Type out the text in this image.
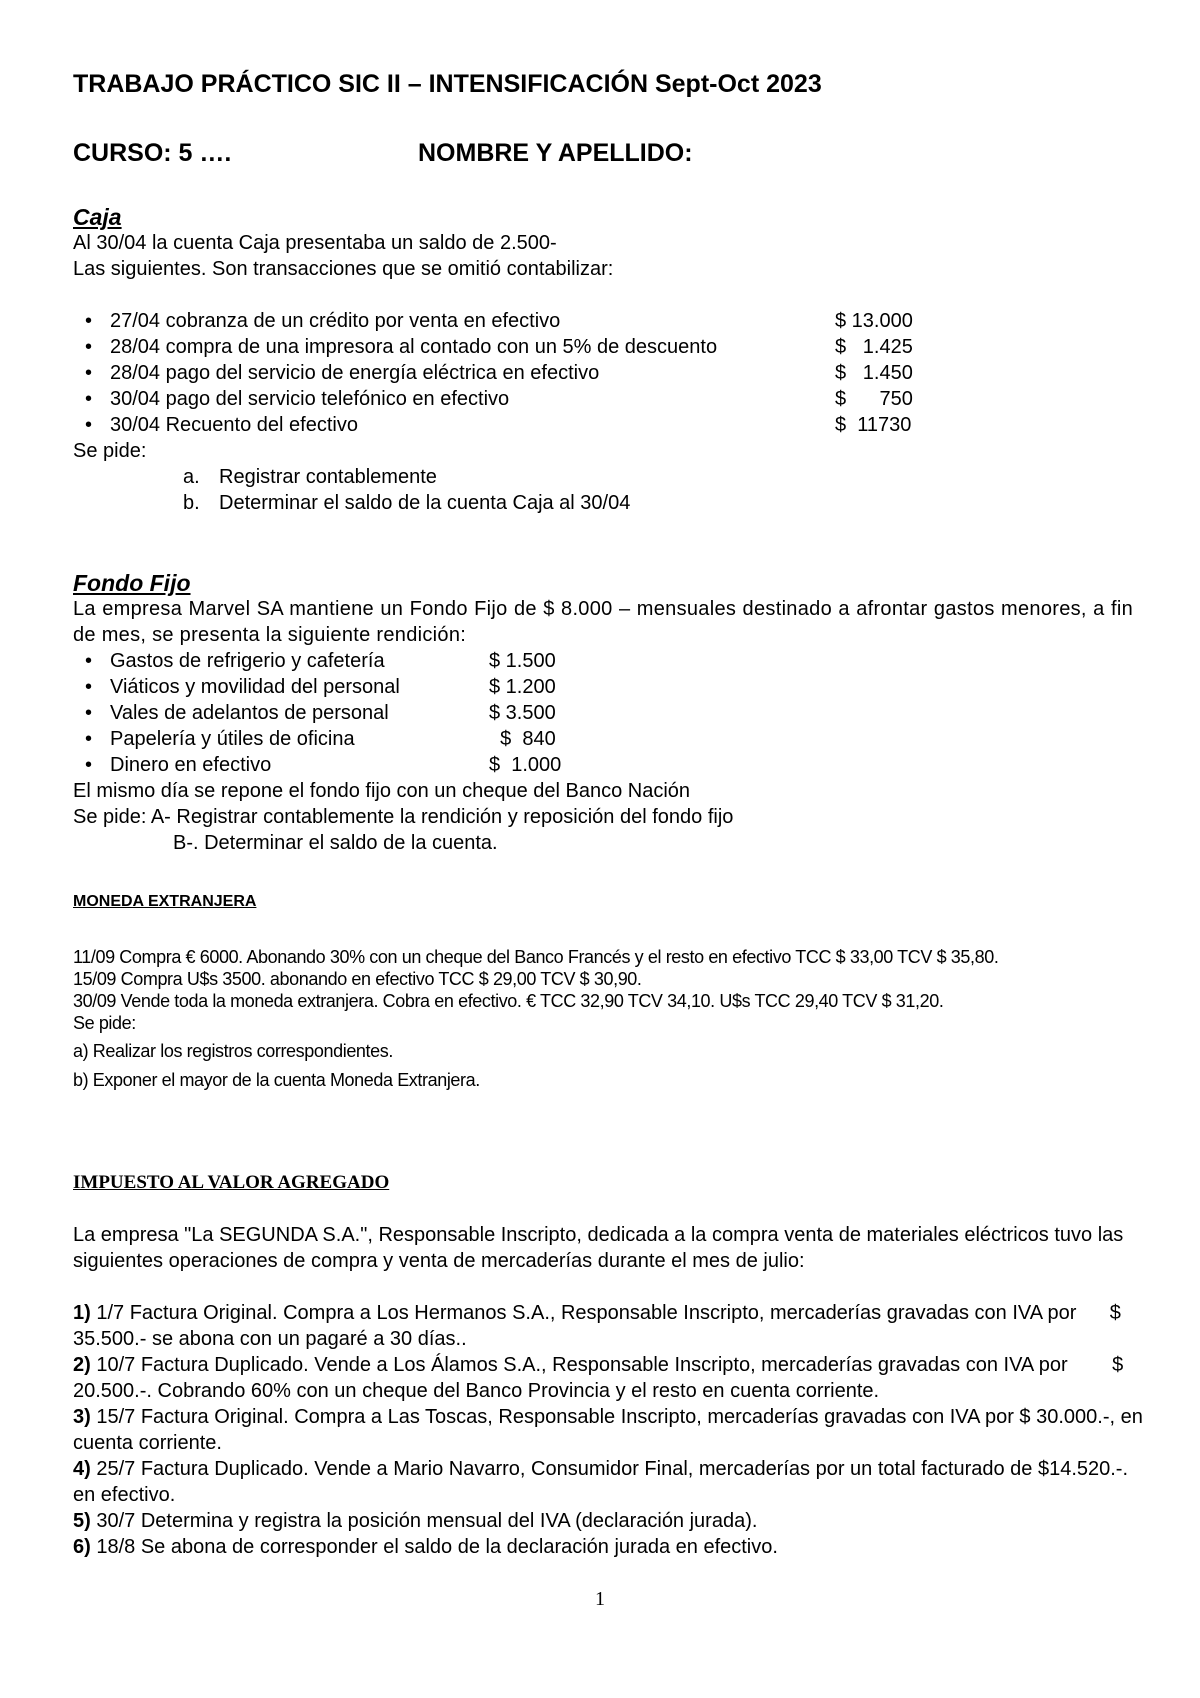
TRABAJO PRÁCTICO SIC II – INTENSIFICACIÓN Sept-Oct 2023
CURSO: 5 ….	NOMBRE Y APELLIDO:
Caja
Al 30/04 la cuenta Caja presentaba un saldo de 2.500-
Las siguientes. Son transacciones que se omitió contabilizar:
• 27/04 cobranza de un crédito por venta en efectivo	$ 13.000
• 28/04 compra de una impresora al contado con un 5% de descuento	$   1.425
• 28/04 pago del servicio de energía eléctrica en efectivo	$   1.450
• 30/04 pago del servicio telefónico en efectivo	$      750
• 30/04 Recuento del efectivo	$  11730
Se pide:
a. Registrar contablemente
b. Determinar el saldo de la cuenta Caja al 30/04
Fondo Fijo
La empresa Marvel SA mantiene un Fondo Fijo de $ 8.000 – mensuales destinado a afrontar gastos menores, a fin de mes, se presenta la siguiente rendición:
• Gastos de refrigerio y cafetería	$ 1.500
• Viáticos y movilidad del personal	$ 1.200
• Vales de adelantos de personal	$ 3.500
• Papelería y útiles de oficina	$  840
• Dinero en efectivo	$  1.000
El mismo día se repone el fondo fijo con un cheque del Banco Nación
Se pide: A- Registrar contablemente la rendición y reposición del fondo fijo
B-. Determinar el saldo de la cuenta.
MONEDA EXTRANJERA
11/09 Compra € 6000. Abonando 30% con un cheque del Banco Francés y el resto en efectivo TCC $ 33,00 TCV $ 35,80.
15/09 Compra U$s 3500. abonando en efectivo TCC $ 29,00 TCV $ 30,90.
30/09 Vende toda la moneda extranjera. Cobra en efectivo. € TCC 32,90 TCV 34,10. U$s TCC 29,40 TCV $ 31,20.
Se pide:
a) Realizar los registros correspondientes.
b) Exponer el mayor de la cuenta Moneda Extranjera.
IMPUESTO AL VALOR AGREGADO
La empresa "La SEGUNDA S.A.", Responsable Inscripto, dedicada a la compra venta de materiales eléctricos tuvo las siguientes operaciones de compra y venta de mercaderías durante el mes de julio:
1) 1/7 Factura Original. Compra a Los Hermanos S.A., Responsable Inscripto, mercaderías gravadas con IVA por      $ 35.500.- se abona con un pagaré a 30 días..
2) 10/7 Factura Duplicado. Vende a Los Álamos S.A., Responsable Inscripto, mercaderías gravadas con IVA por        $ 20.500.-. Cobrando 60% con un cheque del Banco Provincia y el resto en cuenta corriente.
3) 15/7 Factura Original. Compra a Las Toscas, Responsable Inscripto, mercaderías gravadas con IVA por $ 30.000.-, en cuenta corriente.
4) 25/7 Factura Duplicado. Vende a Mario Navarro, Consumidor Final, mercaderías por un total facturado de $14.520.-. en efectivo.
5) 30/7 Determina y registra la posición mensual del IVA (declaración jurada).
6) 18/8 Se abona de corresponder el saldo de la declaración jurada en efectivo.
1
